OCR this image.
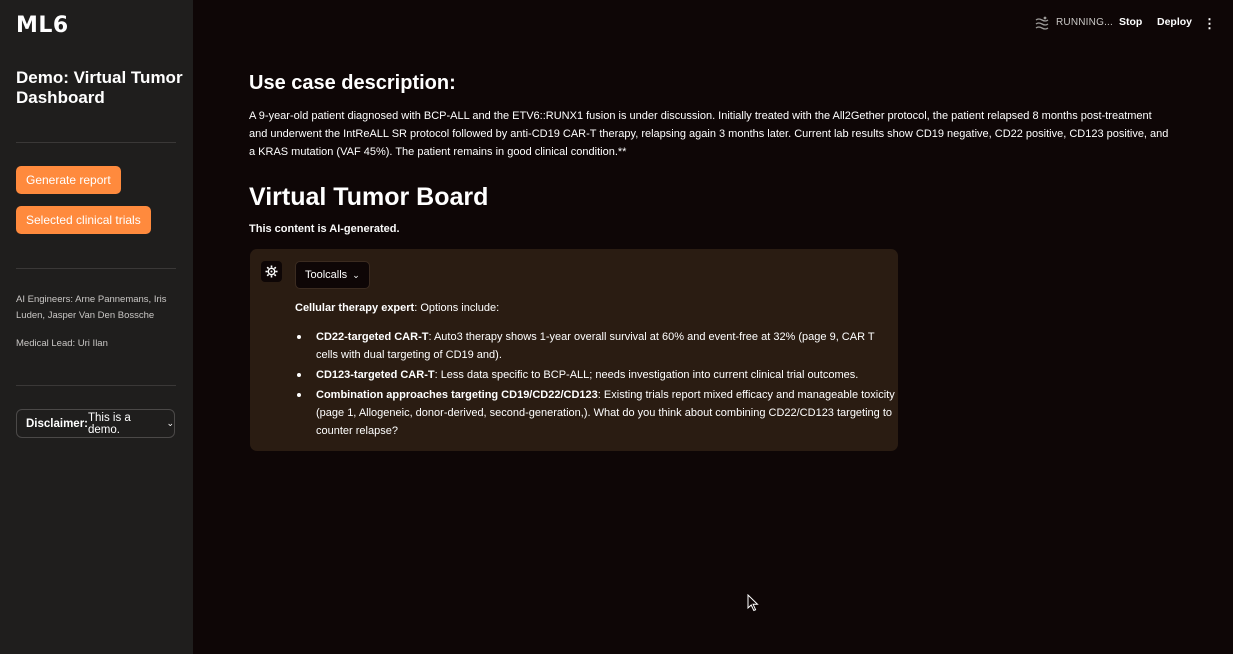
ML6
Demo: Virtual Tumor Dashboard
Generate report
Selected clinical trials
AI Engineers: Arne Pannemans, Iris Luden, Jasper Van Den Bossche
Medical Lead: Uri Ilan
Disclaimer: This is a demo.
⌄
RUNNING... Stop Deploy ⋮
Use case description:

A 9-year-old patient diagnosed with BCP-ALL and the ETV6::RUNX1 fusion is under discussion. Initially treated with the All2Gether protocol, the patient relapsed 8 months post-treatment and underwent the IntReALL SR protocol followed by anti-CD19 CAR-T therapy, relapsing again 3 months later. Current lab results show CD19 negative, CD22 positive, CD123 positive, and a KRAS mutation (VAF 45%). The patient remains in good clinical condition.**

Virtual Tumor Board
This content is AI-generated.
Toolcalls ⌄
Cellular therapy expert: Options include:
CD22-targeted CAR-T: Auto3 therapy shows 1-year overall survival at 60% and event-free at 32% (page 9, CAR T cells with dual targeting of CD19 and).
CD123-targeted CAR-T: Less data specific to BCP-ALL; needs investigation into current clinical trial outcomes.
Combination approaches targeting CD19/CD22/CD123: Existing trials report mixed efficacy and manageable toxicity (page 1, Allogeneic, donor-derived, second-generation,). What do you think about combining CD22/CD123 targeting to counter relapse?
